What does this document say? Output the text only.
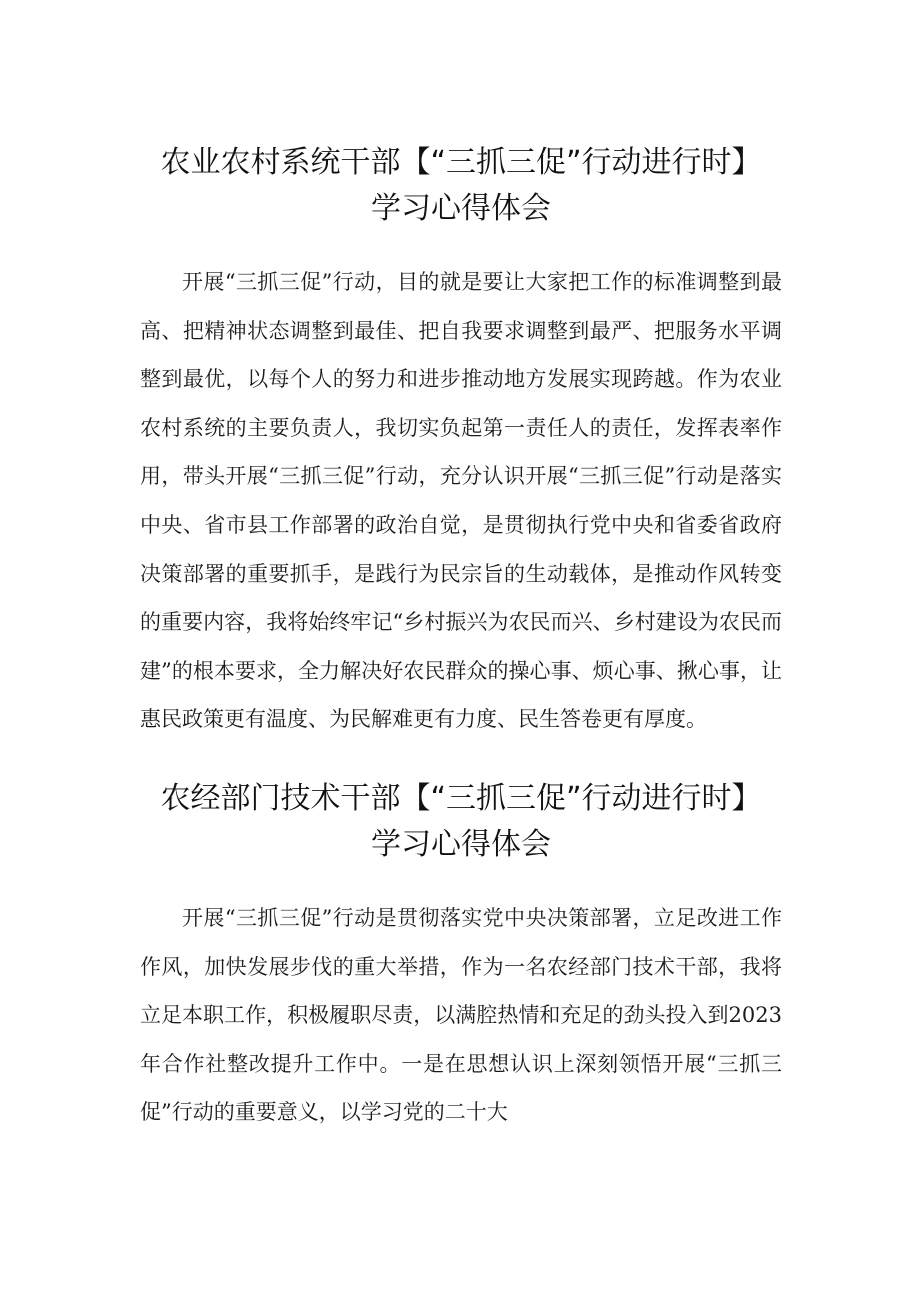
农业农村系统干部【“三抓三促”行动进行时】
学习心得体会

开展“三抓三促”行动，目的就是要让大家把工作的标准调整到最高、把精神状态调整到最佳、把自我要求调整到最严、把服务水平调整到最优，以每个人的努力和进步推动地方发展实现跨越。作为农业农村系统的主要负责人，我切实负起第一责任人的责任，发挥表率作用，带头开展“三抓三促”行动，充分认识开展“三抓三促”行动是落实中央、省市县工作部署的政治自觉，是贯彻执行党中央和省委省政府决策部署的重要抓手，是践行为民宗旨的生动载体，是推动作风转变的重要内容，我将始终牢记“乡村振兴为农民而兴、乡村建设为农民而建”的根本要求，全力解决好农民群众的操心事、烦心事、揪心事，让惠民政策更有温度、为民解难更有力度、民生答卷更有厚度。

农经部门技术干部【“三抓三促”行动进行时】
学习心得体会

开展“三抓三促”行动是贯彻落实党中央决策部署，立足改进工作作风，加快发展步伐的重大举措，作为一名农经部门技术干部，我将立足本职工作，积极履职尽责，以满腔热情和充足的劲头投入到2023年合作社整改提升工作中。一是在思想认识上深刻领悟开展“三抓三促”行动的重要意义，以学习党的二十大
